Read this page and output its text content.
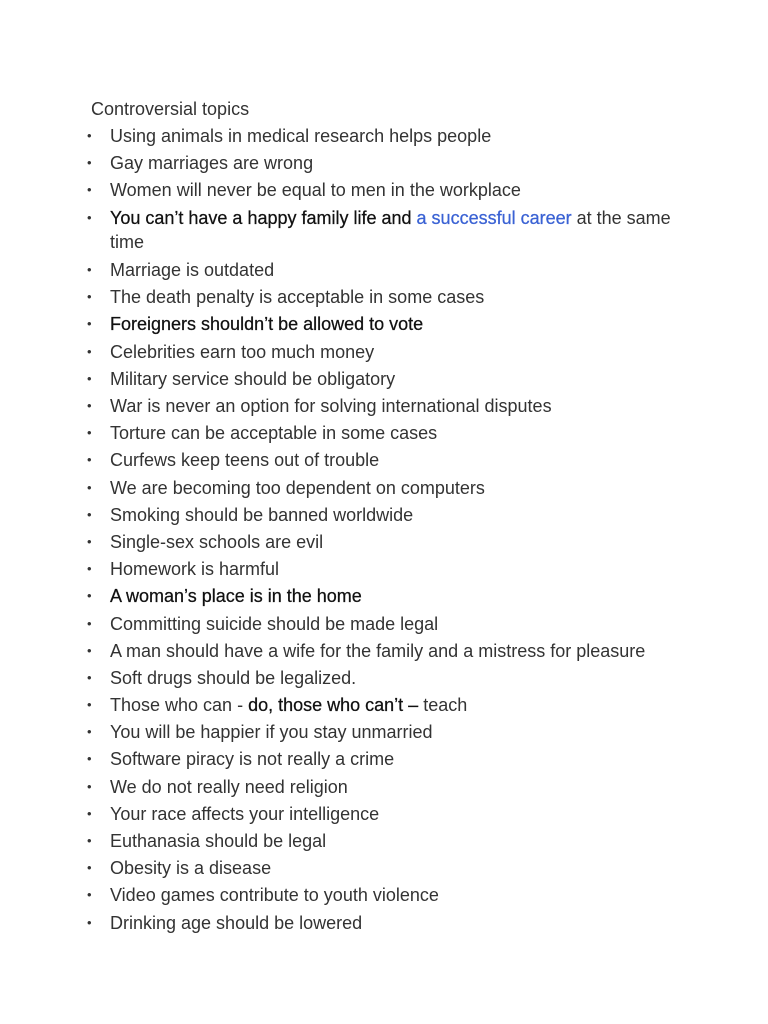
Controversial topics
• Using animals in medical research helps people
• Gay marriages are wrong
• Women will never be equal to men in the workplace
• You can’t have a happy family life and a successful career at the same time
• Marriage is outdated
• The death penalty is acceptable in some cases
• Foreigners shouldn’t be allowed to vote
• Celebrities earn too much money
• Military service should be obligatory
• War is never an option for solving international disputes
• Torture can be acceptable in some cases
• Curfews keep teens out of trouble
• We are becoming too dependent on computers
• Smoking should be banned worldwide
• Single-sex schools are evil
• Homework is harmful
• A woman’s place is in the home
• Committing suicide should be made legal
• A man should have a wife for the family and a mistress for pleasure
• Soft drugs should be legalized.
• Those who can - do, those who can’t – teach
• You will be happier if you stay unmarried
• Software piracy is not really a crime
• We do not really need religion
• Your race affects your intelligence
• Euthanasia should be legal
• Obesity is a disease
• Video games contribute to youth violence
• Drinking age should be lowered
